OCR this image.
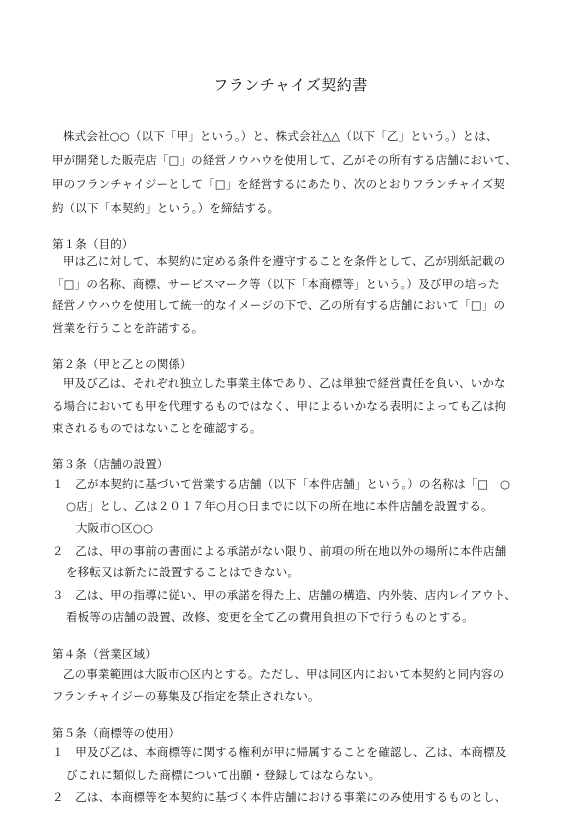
フランチャイズ契約書
株式会社○○（以下「甲」という。）と、株式会社△△（以下「乙」という。）とは、
甲が開発した販売店「□」の経営ノウハウを使用して、乙がその所有する店舗において、
甲のフランチャイジーとして「□」を経営するにあたり、次のとおりフランチャイズ契
約（以下「本契約」という。）を締結する。
第１条（目的）
甲は乙に対して、本契約に定める条件を遵守することを条件として、乙が別紙記載の
「□」の名称、商標、サービスマーク等（以下「本商標等」という。）及び甲の培った
経営ノウハウを使用して統一的なイメージの下で、乙の所有する店舗において「□」の
営業を行うことを許諾する。
第２条（甲と乙との関係）
甲及び乙は、それぞれ独立した事業主体であり、乙は単独で経営責任を負い、いかな
る場合においても甲を代理するものではなく、甲によるいかなる表明によっても乙は拘
束されるものではないことを確認する。
第３条（店舗の設置）
１　乙が本契約に基づいて営業する店舗（以下「本件店舗」という。）の名称は「□　○
○店」とし、乙は２０１７年○月○日までに以下の所在地に本件店舗を設置する。
大阪市○区○○
２　乙は、甲の事前の書面による承諾がない限り、前項の所在地以外の場所に本件店舗
を移転又は新たに設置することはできない。
３　乙は、甲の指導に従い、甲の承諾を得た上、店舗の構造、内外装、店内レイアウト、
看板等の店舗の設置、改修、変更を全て乙の費用負担の下で行うものとする。
第４条（営業区域）
乙の事業範囲は大阪市○区内とする。ただし、甲は同区内において本契約と同内容の
フランチャイジーの募集及び指定を禁止されない。
第５条（商標等の使用）
１　甲及び乙は、本商標等に関する権利が甲に帰属することを確認し、乙は、本商標及
びこれに類似した商標について出願・登録してはならない。
２　乙は、本商標等を本契約に基づく本件店舗における事業にのみ使用するものとし、
